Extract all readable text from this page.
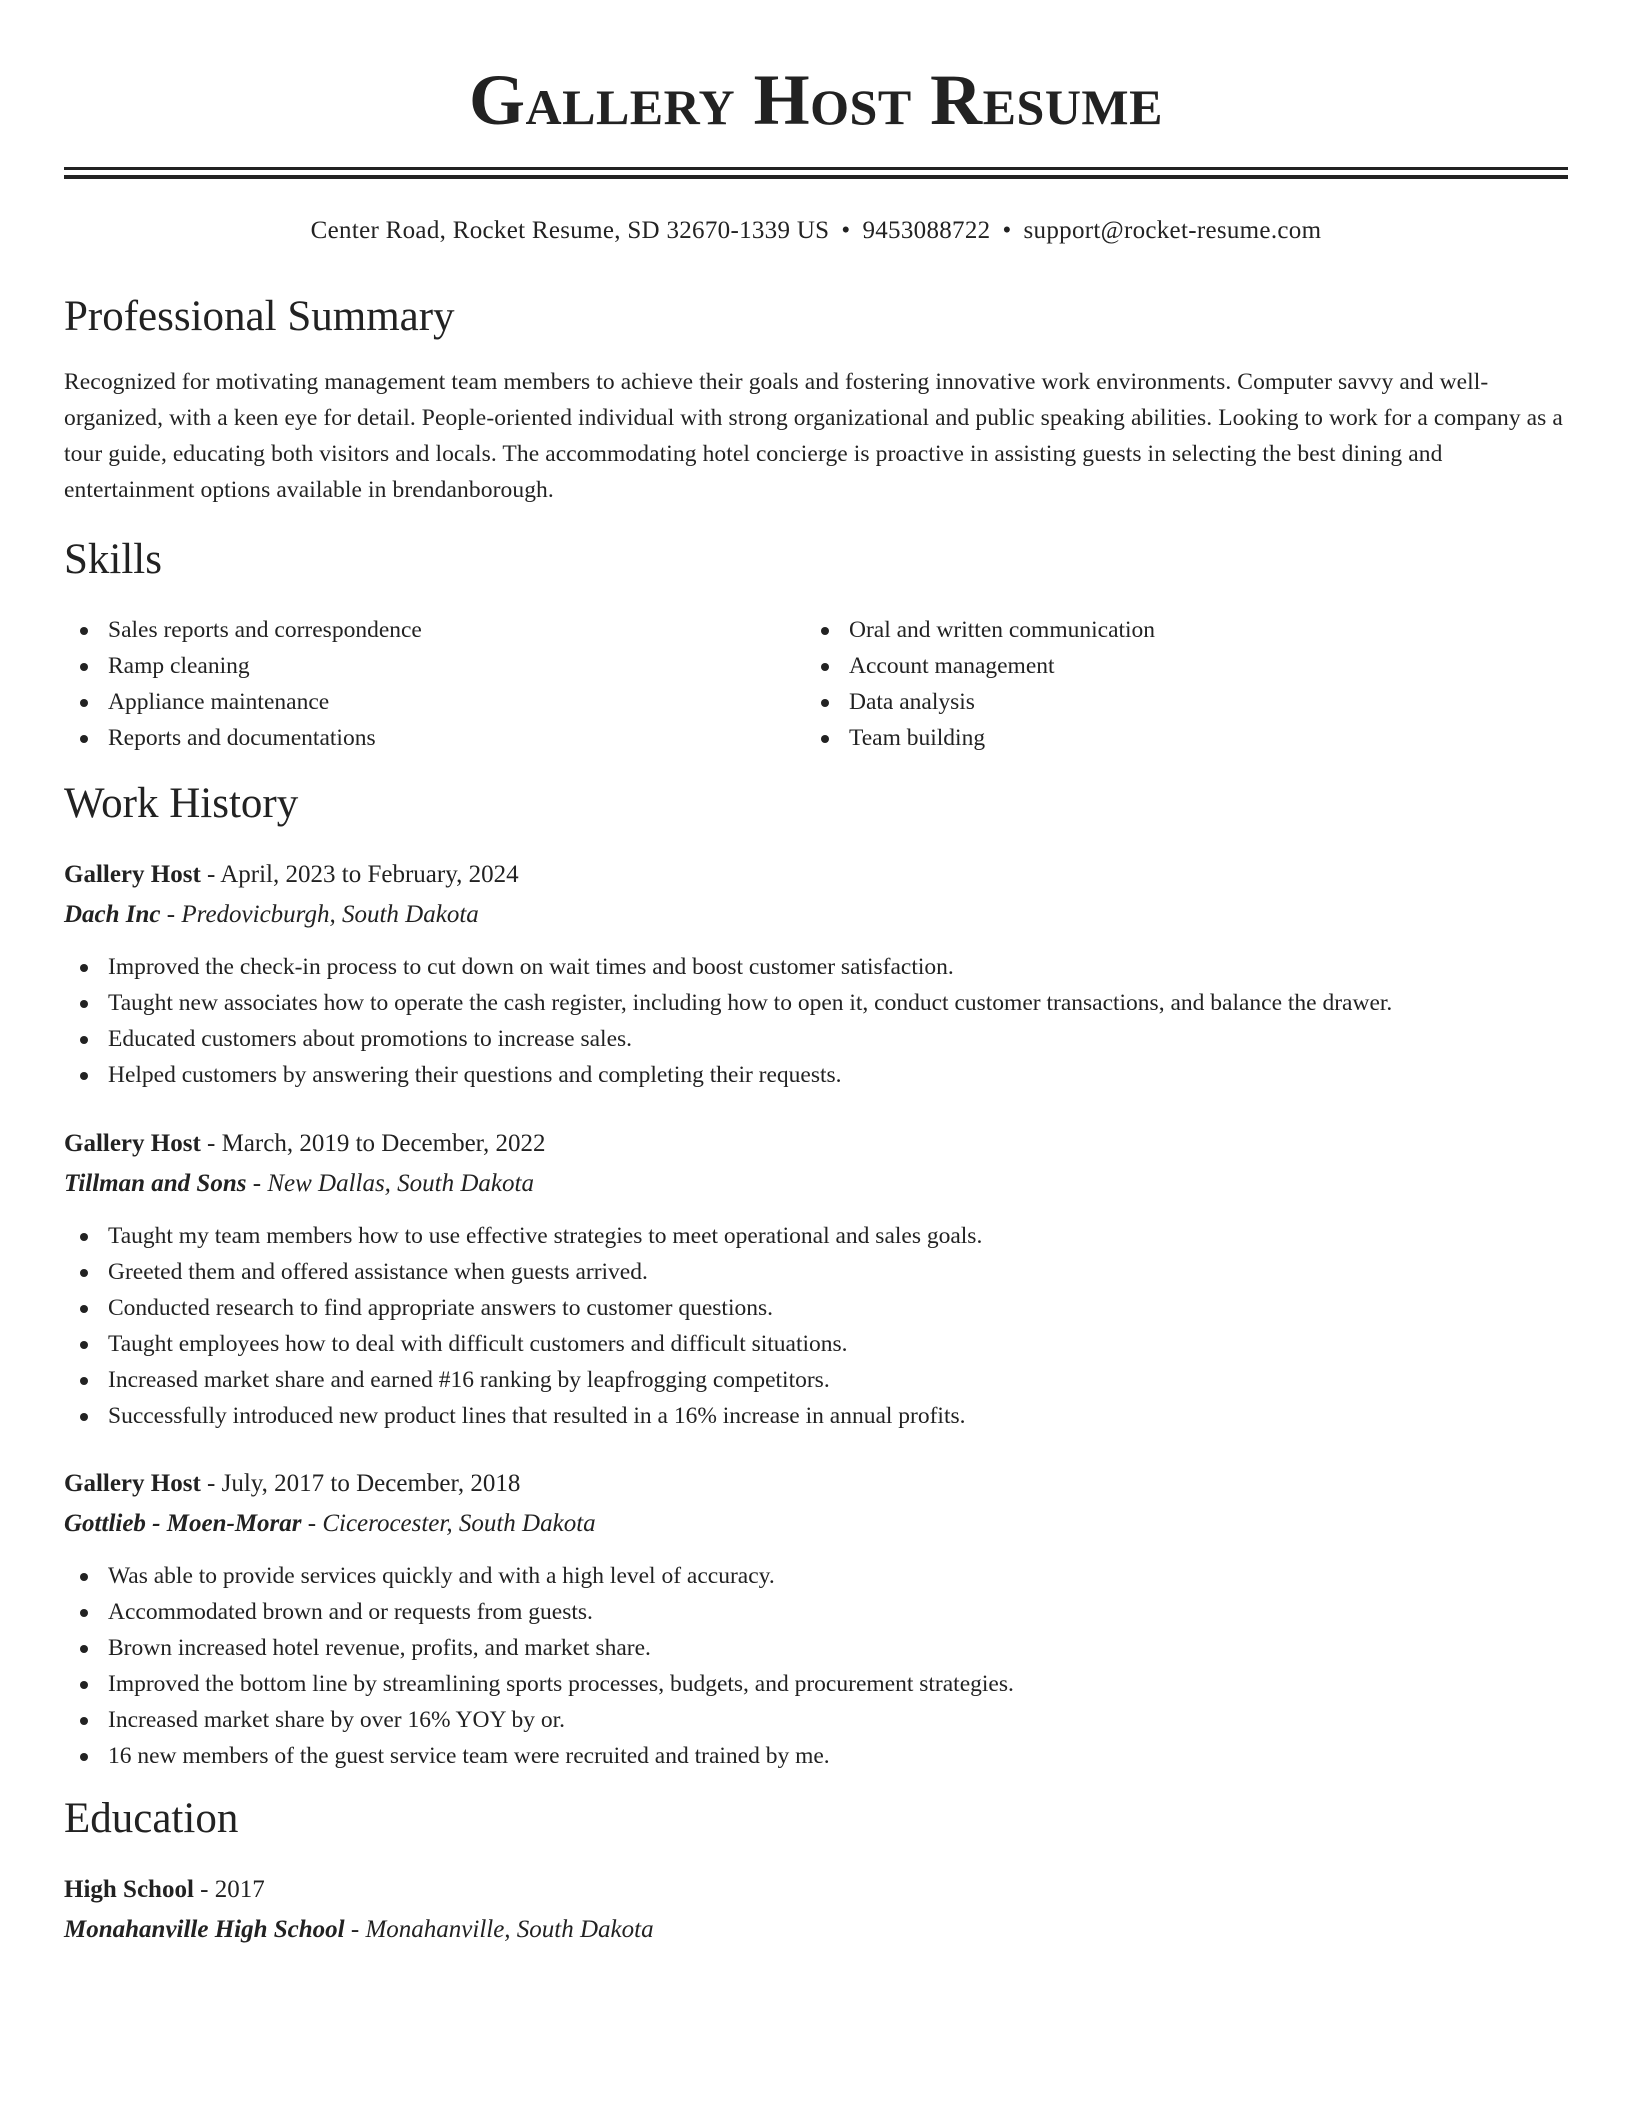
Gallery Host Resume
Center Road, Rocket Resume, SD 32670-1339 US • 9453088722 • support@rocket-resume.com
Professional Summary

Recognized for motivating management team members to achieve their goals and fostering innovative work environments. Computer savvy and well-organized, with a keen eye for detail. People-oriented individual with strong organizational and public speaking abilities. Looking to work for a company as a tour guide, educating both visitors and locals. The accommodating hotel concierge is proactive in assisting guests in selecting the best dining and entertainment options available in brendanborough.

Skills
Sales reports and correspondence
Ramp cleaning
Appliance maintenance
Reports and documentations
Oral and written communication
Account management
Data analysis
Team building
Work History
Gallery Host - April, 2023 to February, 2024
Dach Inc - Predovicburgh, South Dakota
Improved the check-in process to cut down on wait times and boost customer satisfaction.
Taught new associates how to operate the cash register, including how to open it, conduct customer transactions, and balance the drawer.
Educated customers about promotions to increase sales.
Helped customers by answering their questions and completing their requests.
Gallery Host - March, 2019 to December, 2022
Tillman and Sons - New Dallas, South Dakota
Taught my team members how to use effective strategies to meet operational and sales goals.
Greeted them and offered assistance when guests arrived.
Conducted research to find appropriate answers to customer questions.
Taught employees how to deal with difficult customers and difficult situations.
Increased market share and earned #16 ranking by leapfrogging competitors.
Successfully introduced new product lines that resulted in a 16% increase in annual profits.
Gallery Host - July, 2017 to December, 2018
Gottlieb - Moen-Morar - Cicerocester, South Dakota
Was able to provide services quickly and with a high level of accuracy.
Accommodated brown and or requests from guests.
Brown increased hotel revenue, profits, and market share.
Improved the bottom line by streamlining sports processes, budgets, and procurement strategies.
Increased market share by over 16% YOY by or.
16 new members of the guest service team were recruited and trained by me.
Education
High School - 2017
Monahanville High School - Monahanville, South Dakota
